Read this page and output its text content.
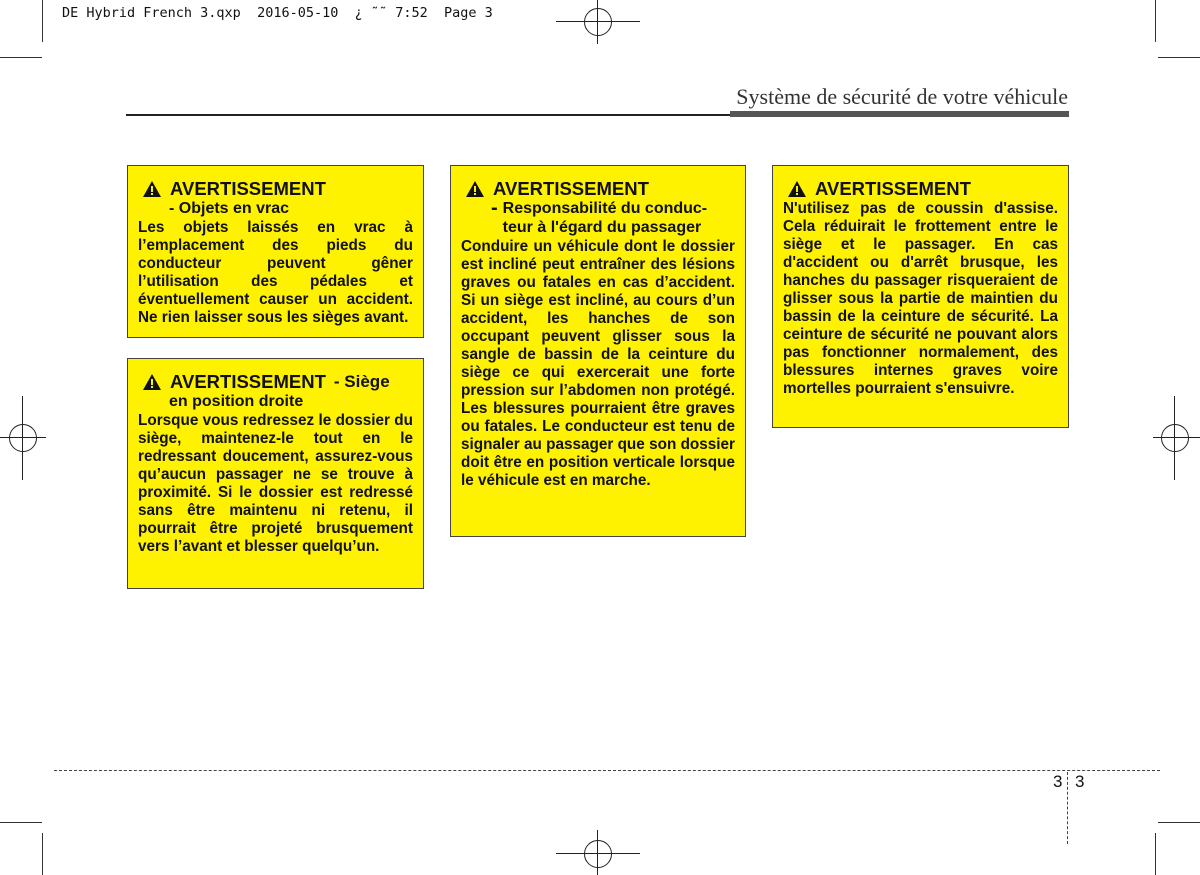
DE Hybrid French 3.qxp  2016-05-10  ¿ ˜˜ 7:52  Page 3
Système de sécurité de votre véhicule
AVERTISSEMENT
- Objets en vrac
Les objets laissés en vrac à l’emplacement des pieds du conducteur peuvent gêner l’utilisation des pédales et éventuellement causer un accident. Ne rien laisser sous les sièges avant.
AVERTISSEMENT - Siège
en position droite
Lorsque vous redressez le dossier du siège, maintenez-le tout en le redressant doucement, assurez-vous qu’aucun passager ne se trouve à proximité. Si le dossier est redressé sans être maintenu ni retenu, il pourrait être projeté brusquement vers l’avant et blesser quelqu’un.
AVERTISSEMENT
- Responsabilité du conduc-teur à l'égard du passager
Conduire un véhicule dont le dossier est incliné peut entraîner des lésions graves ou fatales en cas d’accident. Si un siège est incliné, au cours d’un accident, les hanches de son occupant peuvent glisser sous la sangle de bassin de la ceinture du siège ce qui exercerait une forte pression sur l’abdomen non protégé. Les blessures pourraient être graves ou fatales. Le conducteur est tenu de signaler au passager que son dossier doit être en position verticale lorsque le véhicule est en marche.
AVERTISSEMENT
N'utilisez pas de coussin d'assise. Cela réduirait le frottement entre le siège et le passager. En cas d'accident ou d'arrêt brusque, les hanches du passager risqueraient de glisser sous la partie de maintien du bassin de la ceinture de sécurité. La ceinture de sécurité ne pouvant alors pas fonctionner normalement, des blessures internes graves voire mortelles pourraient s'ensuivre.
3 3
